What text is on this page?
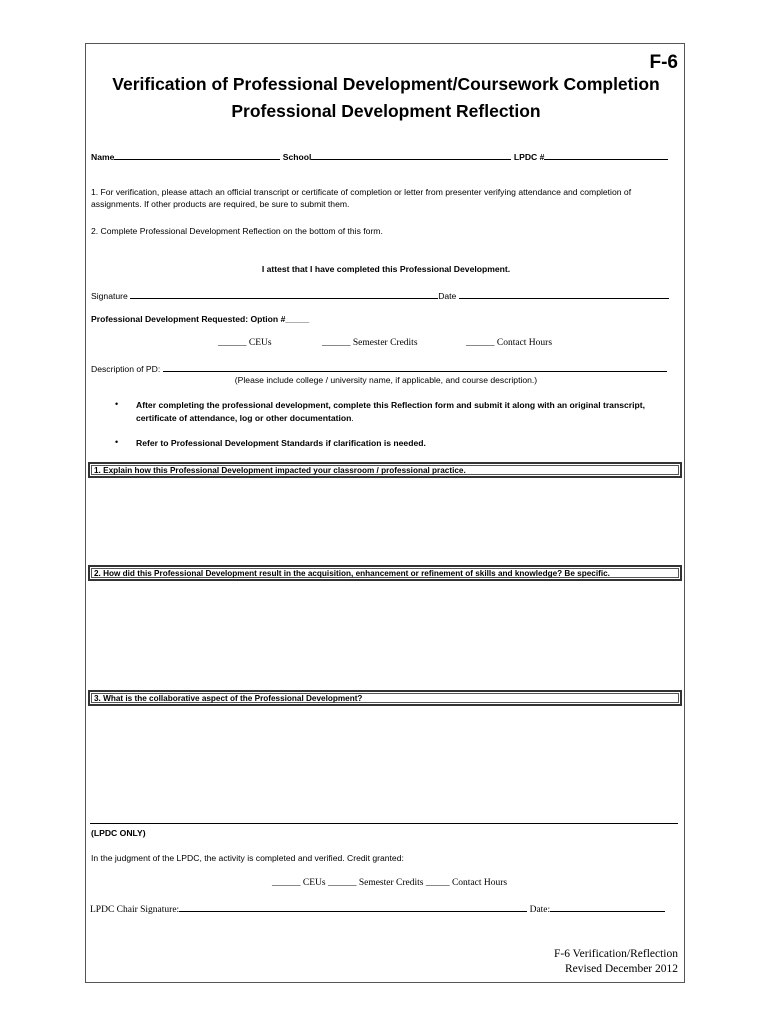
F-6
Verification of Professional Development/Coursework Completion
Professional Development Reflection
Name	School	LPDC #
1. For verification, please attach an official transcript or certificate of completion or letter from presenter verifying attendance and completion of assignments. If other products are required, be sure to submit them.
2. Complete Professional Development Reflection on the bottom of this form.
I attest that I have completed this Professional Development.
Signature	Date
Professional Development Requested: Option #_____
______ CEUs	______ Semester Credits	______ Contact Hours
Description of PD:
(Please include college / university name, if applicable, and course description.)
• After completing the professional development, complete this Reflection form and submit it along with an original transcript,
certificate of attendance, log or other documentation.
• Refer to Professional Development Standards if clarification is needed.
1. Explain how this Professional Development impacted your classroom / professional practice.
2. How did this Professional Development result in the acquisition, enhancement or refinement of skills and knowledge? Be specific.
3. What is the collaborative aspect of the Professional Development?
(LPDC ONLY)
In the judgment of the LPDC, the activity is completed and verified. Credit granted:
______ CEUs ______ Semester Credits _____ Contact Hours
LPDC Chair Signature:	Date:
F-6 Verification/Reflection
Revised December 2012
